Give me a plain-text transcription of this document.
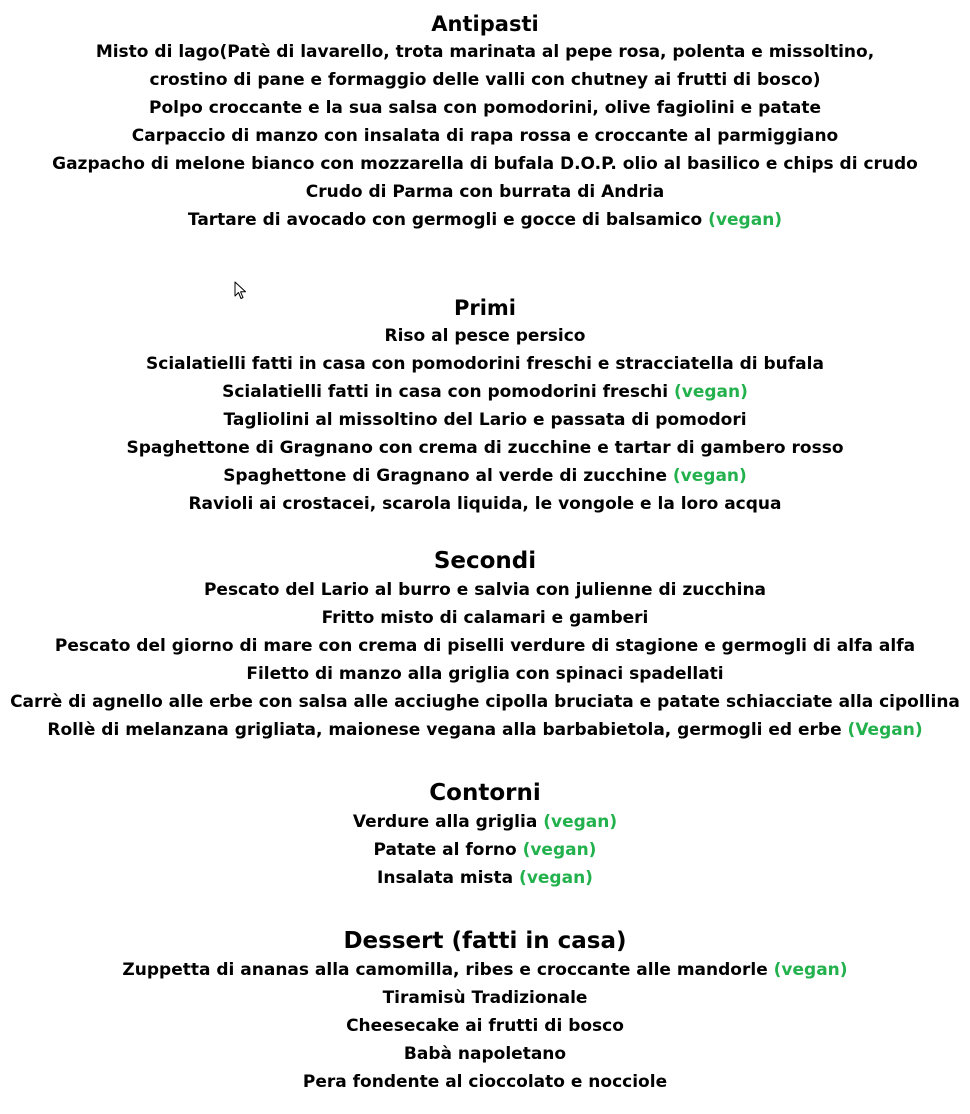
Antipasti
Misto di lago(Patè di lavarello, trota marinata al pepe rosa, polenta e missoltino,
crostino di pane e formaggio delle valli con chutney ai frutti di bosco)
Polpo croccante e la sua salsa con pomodorini, olive fagiolini e patate
Carpaccio di manzo con insalata di rapa rossa e croccante al parmiggiano
Gazpacho di melone bianco con mozzarella di bufala D.O.P. olio al basilico e chips di crudo
Crudo di Parma con burrata di Andria
Tartare di avocado con germogli e gocce di balsamico (vegan)
Primi
Riso al pesce persico
Scialatielli fatti in casa con pomodorini freschi e stracciatella di bufala
Scialatielli fatti in casa con pomodorini freschi (vegan)
Tagliolini al missoltino del Lario e passata di pomodori
Spaghettone di Gragnano con crema di zucchine e tartar di gambero rosso
Spaghettone di Gragnano al verde di zucchine (vegan)
Ravioli ai crostacei, scarola liquida, le vongole e la loro acqua
Secondi
Pescato del Lario al burro e salvia con julienne di zucchina
Fritto misto di calamari e gamberi
Pescato del giorno di mare con crema di piselli verdure di stagione e germogli di alfa alfa
Filetto di manzo alla griglia con spinaci spadellati
Carrè di agnello alle erbe con salsa alle acciughe cipolla bruciata e patate schiacciate alla cipollina
Rollè di melanzana grigliata, maionese vegana alla barbabietola, germogli ed erbe (Vegan)
Contorni
Verdure alla griglia (vegan)
Patate al forno (vegan)
Insalata mista (vegan)
Dessert (fatti in casa)
Zuppetta di ananas alla camomilla, ribes e croccante alle mandorle (vegan)
Tiramisù Tradizionale
Cheesecake ai frutti di bosco
Babà napoletano
Pera fondente al cioccolato e nocciole
